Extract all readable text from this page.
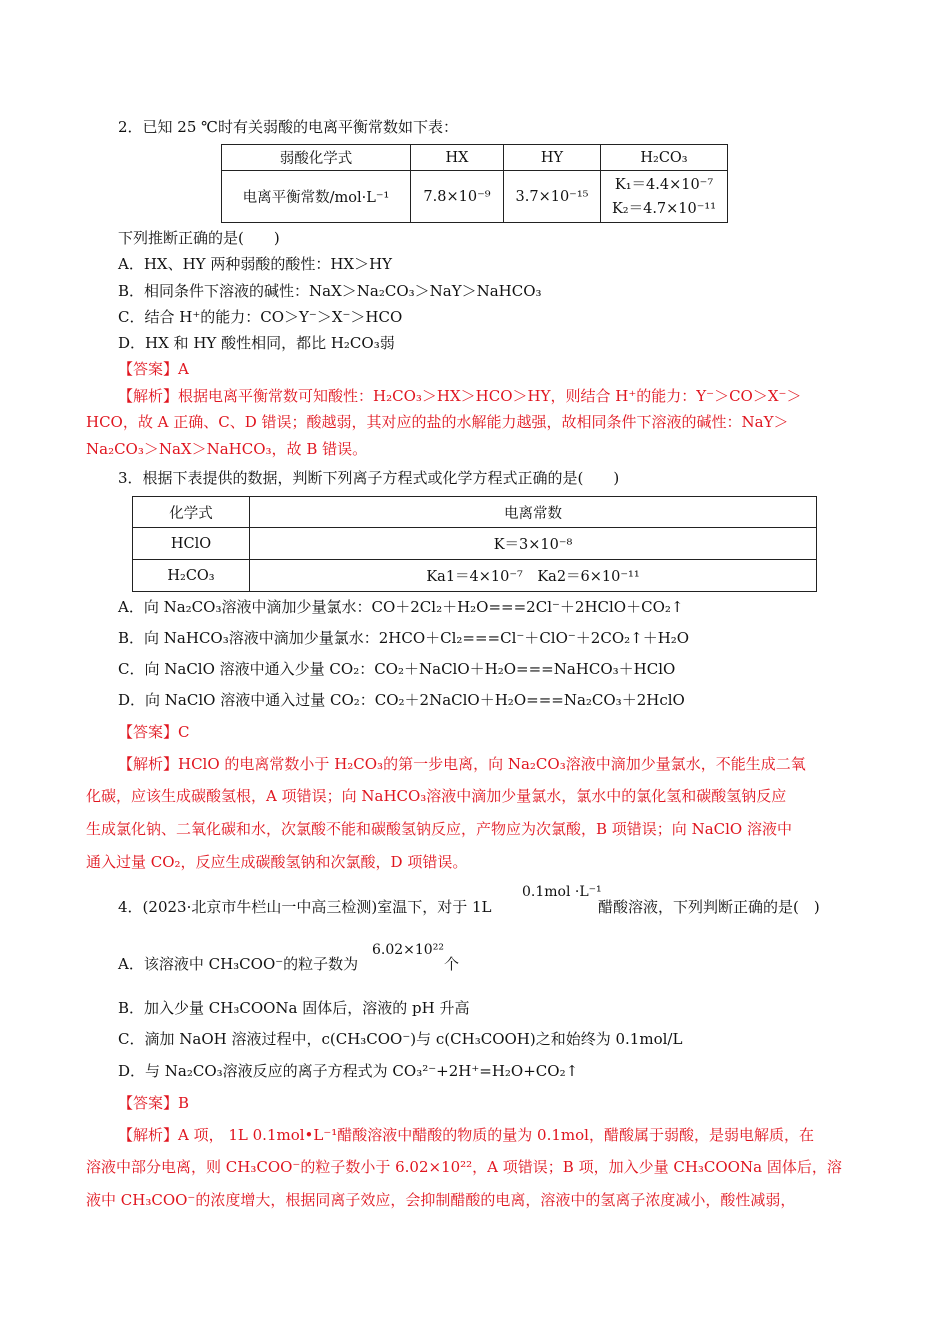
2．已知 25 ℃时有关弱酸的电离平衡常数如下表：
弱酸化学式	HX	HY	H₂CO₃
电离平衡常数/mol·L⁻¹	7.8×10⁻⁹	3.7×10⁻¹⁵	K₁＝4.4×10⁻⁷
K₂＝4.7×10⁻¹¹
下列推断正确的是(　　)
A．HX、HY 两种弱酸的酸性：HX＞HY
B．相同条件下溶液的碱性：NaX＞Na₂CO₃＞NaY＞NaHCO₃
C．结合 H⁺的能力：CO＞Y⁻＞X⁻＞HCO
D．HX 和 HY 酸性相同，都比 H₂CO₃弱
【答案】A
【解析】根据电离平衡常数可知酸性：H₂CO₃＞HX＞HCO＞HY，则结合 H⁺的能力：Y⁻＞CO＞X⁻＞
HCO，故 A 正确、C、D 错误；酸越弱，其对应的盐的水解能力越强，故相同条件下溶液的碱性：NaY＞
Na₂CO₃＞NaX＞NaHCO₃，故 B 错误。
3．根据下表提供的数据，判断下列离子方程式或化学方程式正确的是(　　)
化学式	电离常数
HClO	K＝3×10⁻⁸
H₂CO₃	Ka1＝4×10⁻⁷　Ka2＝6×10⁻¹¹
A．向 Na₂CO₃溶液中滴加少量氯水：CO＋2Cl₂＋H₂O===2Cl⁻＋2HClO＋CO₂↑
B．向 NaHCO₃溶液中滴加少量氯水：2HCO＋Cl₂===Cl⁻＋ClO⁻＋2CO₂↑＋H₂O
C．向 NaClO 溶液中通入少量 CO₂：CO₂＋NaClO＋H₂O===NaHCO₃＋HClO
D．向 NaClO 溶液中通入过量 CO₂：CO₂＋2NaClO＋H₂O===Na₂CO₃＋2HclO
【答案】C
【解析】HClO 的电离常数小于 H₂CO₃的第一步电离，向 Na₂CO₃溶液中滴加少量氯水，不能生成二氧
化碳，应该生成碳酸氢根，A 项错误；向 NaHCO₃溶液中滴加少量氯水，氯水中的氯化氢和碳酸氢钠反应
生成氯化钠、二氧化碳和水，次氯酸不能和碳酸氢钠反应，产物应为次氯酸，B 项错误；向 NaClO 溶液中
通入过量 CO₂，反应生成碳酸氢钠和次氯酸，D 项错误。
4．(2023·北京市牛栏山一中高三检测)室温下，对于 1L
0.1mol ·L⁻¹
醋酸溶液，下列判断正确的是(　)
A．该溶液中 CH₃COO⁻的粒子数为
6.02×10²²
个
B．加入少量 CH₃COONa 固体后，溶液的 pH 升高
C．滴加 NaOH 溶液过程中，c(CH₃COO⁻)与 c(CH₃COOH)之和始终为 0.1mol/L
D．与 Na₂CO₃溶液反应的离子方程式为 CO₃²⁻+2H⁺=H₂O+CO₂↑
【答案】B
【解析】A 项， 1L 0.1mol•L⁻¹醋酸溶液中醋酸的物质的量为 0.1mol，醋酸属于弱酸，是弱电解质，在
溶液中部分电离，则 CH₃COO⁻的粒子数小于 6.02×10²²，A 项错误；B 项，加入少量 CH₃COONa 固体后，溶
液中 CH₃COO⁻的浓度增大，根据同离子效应，会抑制醋酸的电离，溶液中的氢离子浓度减小，酸性减弱，
